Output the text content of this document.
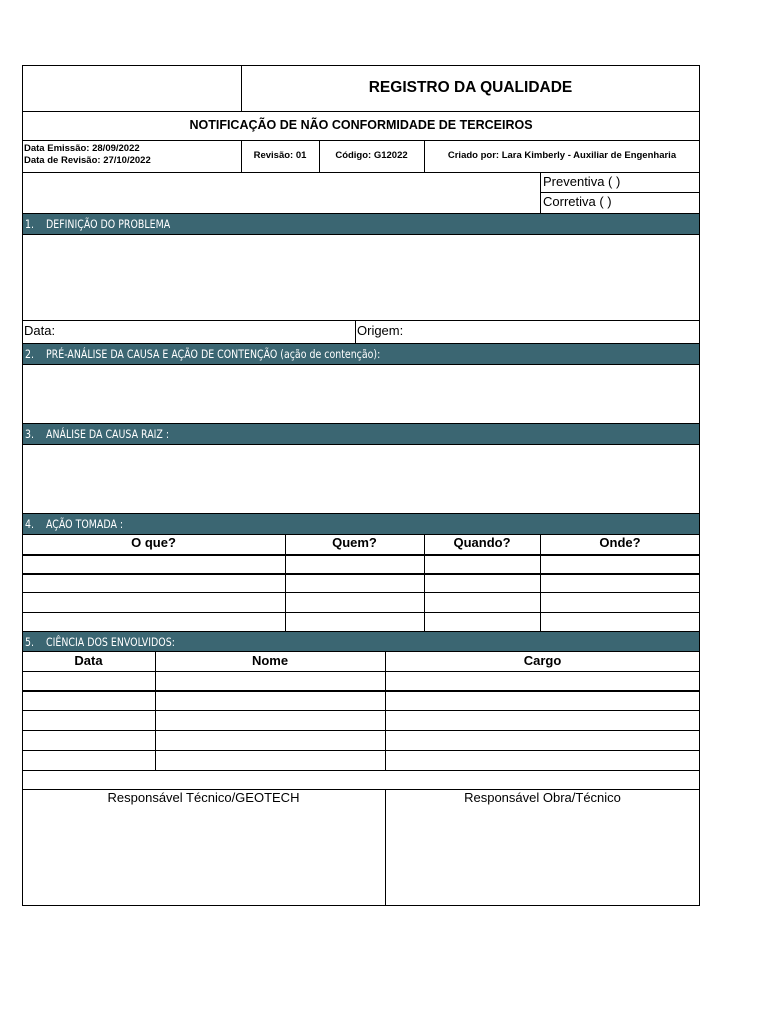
REGISTRO DA QUALIDADE
NOTIFICAÇÃO DE NÃO CONFORMIDADE DE TERCEIROS
Data Emissão: 28/09/2022
Data de Revisão: 27/10/2022	Revisão: 01	Código: G12022	Criado por: Lara Kimberly - Auxiliar de Engenharia
Preventiva ( )
Corretiva ( )
1. DEFINIÇÃO DO PROBLEMA
Data:	Origem:
2. PRÉ-ANÁLISE DA CAUSA E AÇÃO DE CONTENÇÃO (ação de contenção):
3. ANÁLISE DA CAUSA RAIZ :
4. AÇÃO TOMADA :
O que?	Quem?	Quando?	Onde?
5. CIÊNCIA DOS ENVOLVIDOS:
Data	Nome	Cargo
Responsável Técnico/GEOTECH	Responsável Obra/Técnico
